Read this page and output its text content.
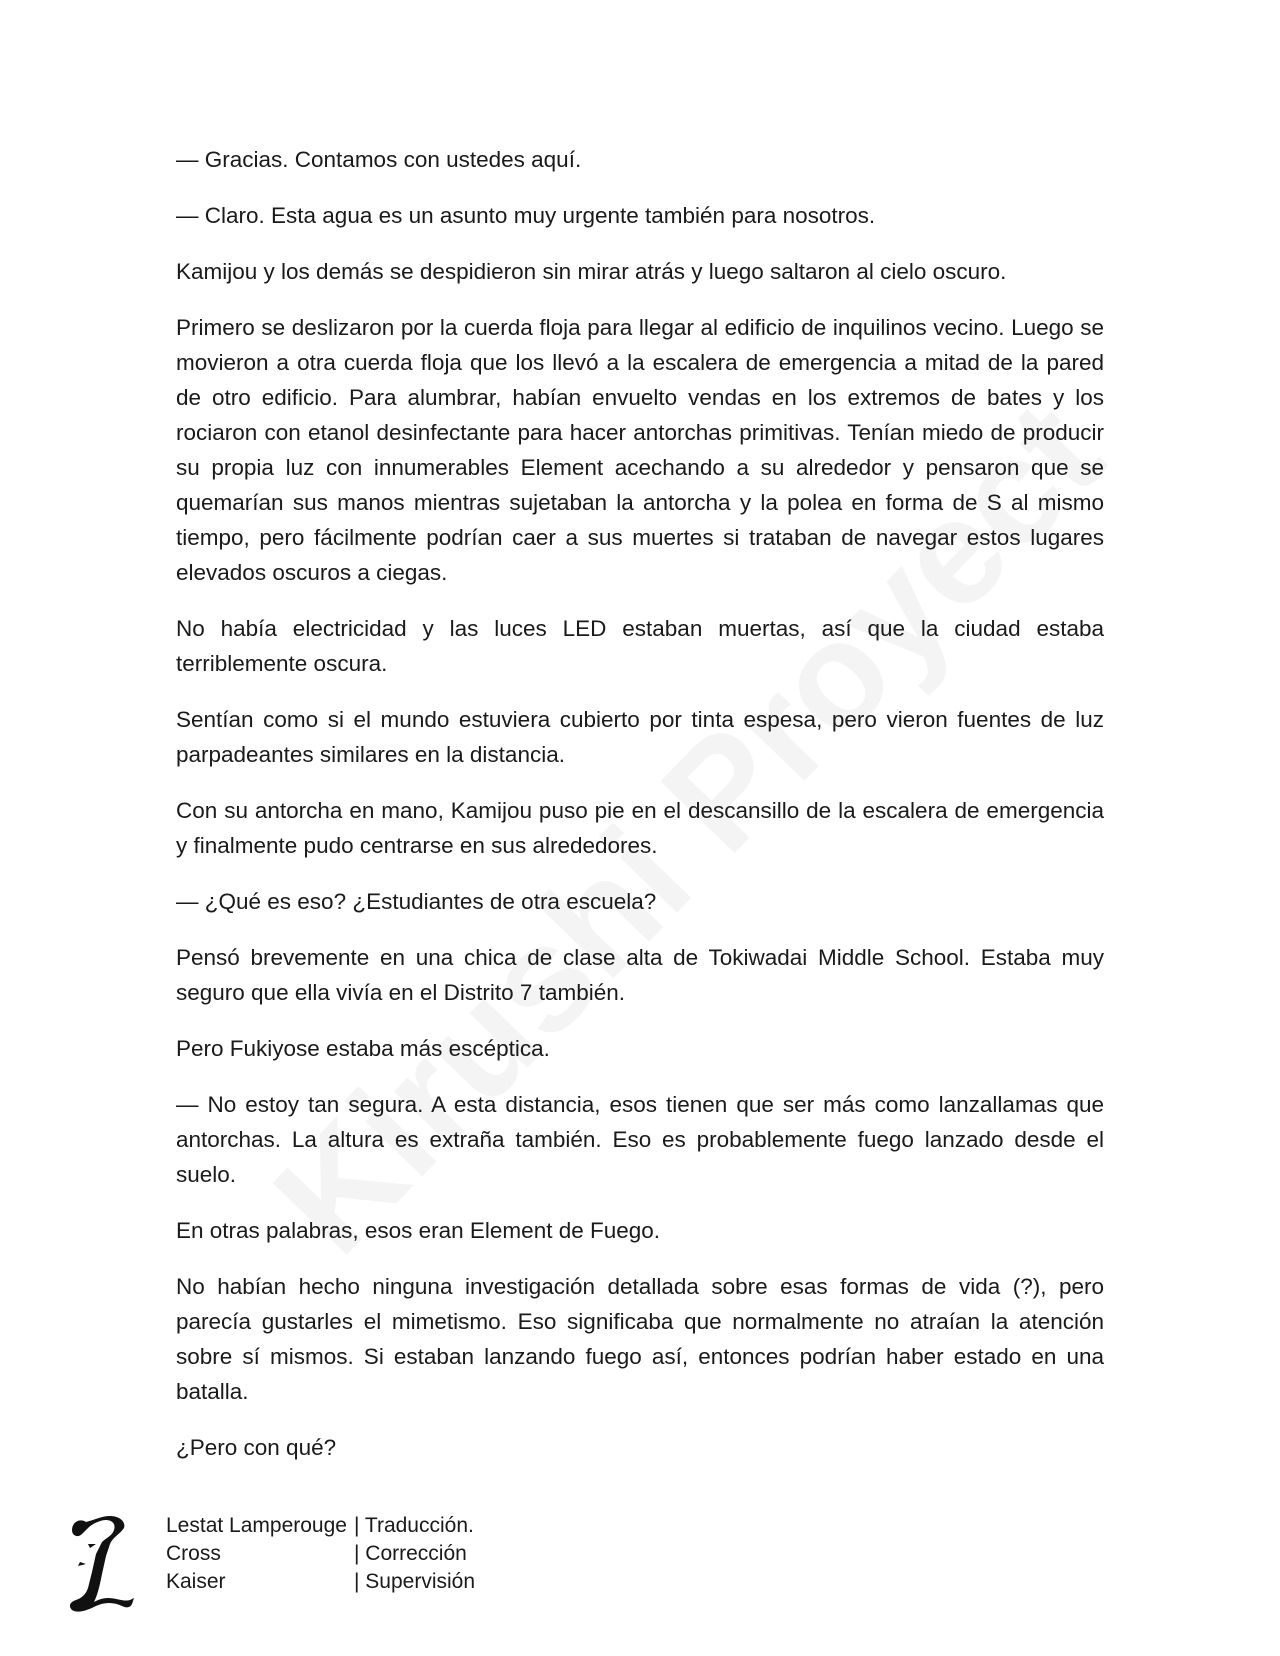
— Gracias. Contamos con ustedes aquí.

— Claro. Esta agua es un asunto muy urgente también para nosotros.

Kamijou y los demás se despidieron sin mirar atrás y luego saltaron al cielo oscuro.

Primero se deslizaron por la cuerda floja para llegar al edificio de inquilinos vecino. Luego se movieron a otra cuerda floja que los llevó a la escalera de emergencia a mitad de la pared de otro edificio. Para alumbrar, habían envuelto vendas en los extremos de bates y los rociaron con etanol desinfectante para hacer antorchas primitivas. Tenían miedo de producir su propia luz con innumerables Element acechando a su alrededor y pensaron que se quemarían sus manos mientras sujetaban la antorcha y la polea en forma de S al mismo tiempo, pero fácilmente podrían caer a sus muertes si trataban de navegar estos lugares elevados oscuros a ciegas.

No había electricidad y las luces LED estaban muertas, así que la ciudad estaba terriblemente oscura.

Sentían como si el mundo estuviera cubierto por tinta espesa, pero vieron fuentes de luz parpadeantes similares en la distancia.

Con su antorcha en mano, Kamijou puso pie en el descansillo de la escalera de emergencia y finalmente pudo centrarse en sus alrededores.

— ¿Qué es eso? ¿Estudiantes de otra escuela?

Pensó brevemente en una chica de clase alta de Tokiwadai Middle School. Estaba muy seguro que ella vivía en el Distrito 7 también.

Pero Fukiyose estaba más escéptica.

— No estoy tan segura. A esta distancia, esos tienen que ser más como lanzallamas que antorchas. La altura es extraña también. Eso es probablemente fuego lanzado desde el suelo.

En otras palabras, esos eran Element de Fuego.

No habían hecho ninguna investigación detallada sobre esas formas de vida (?), pero parecía gustarles el mimetismo. Eso significaba que normalmente no atraían la atención sobre sí mismos. Si estaban lanzando fuego así, entonces podrían haber estado en una batalla.

¿Pero con qué?

Lestat Lamperouge | Traducción.
Cross	| Corrección
Kaiser	| Supervisión
